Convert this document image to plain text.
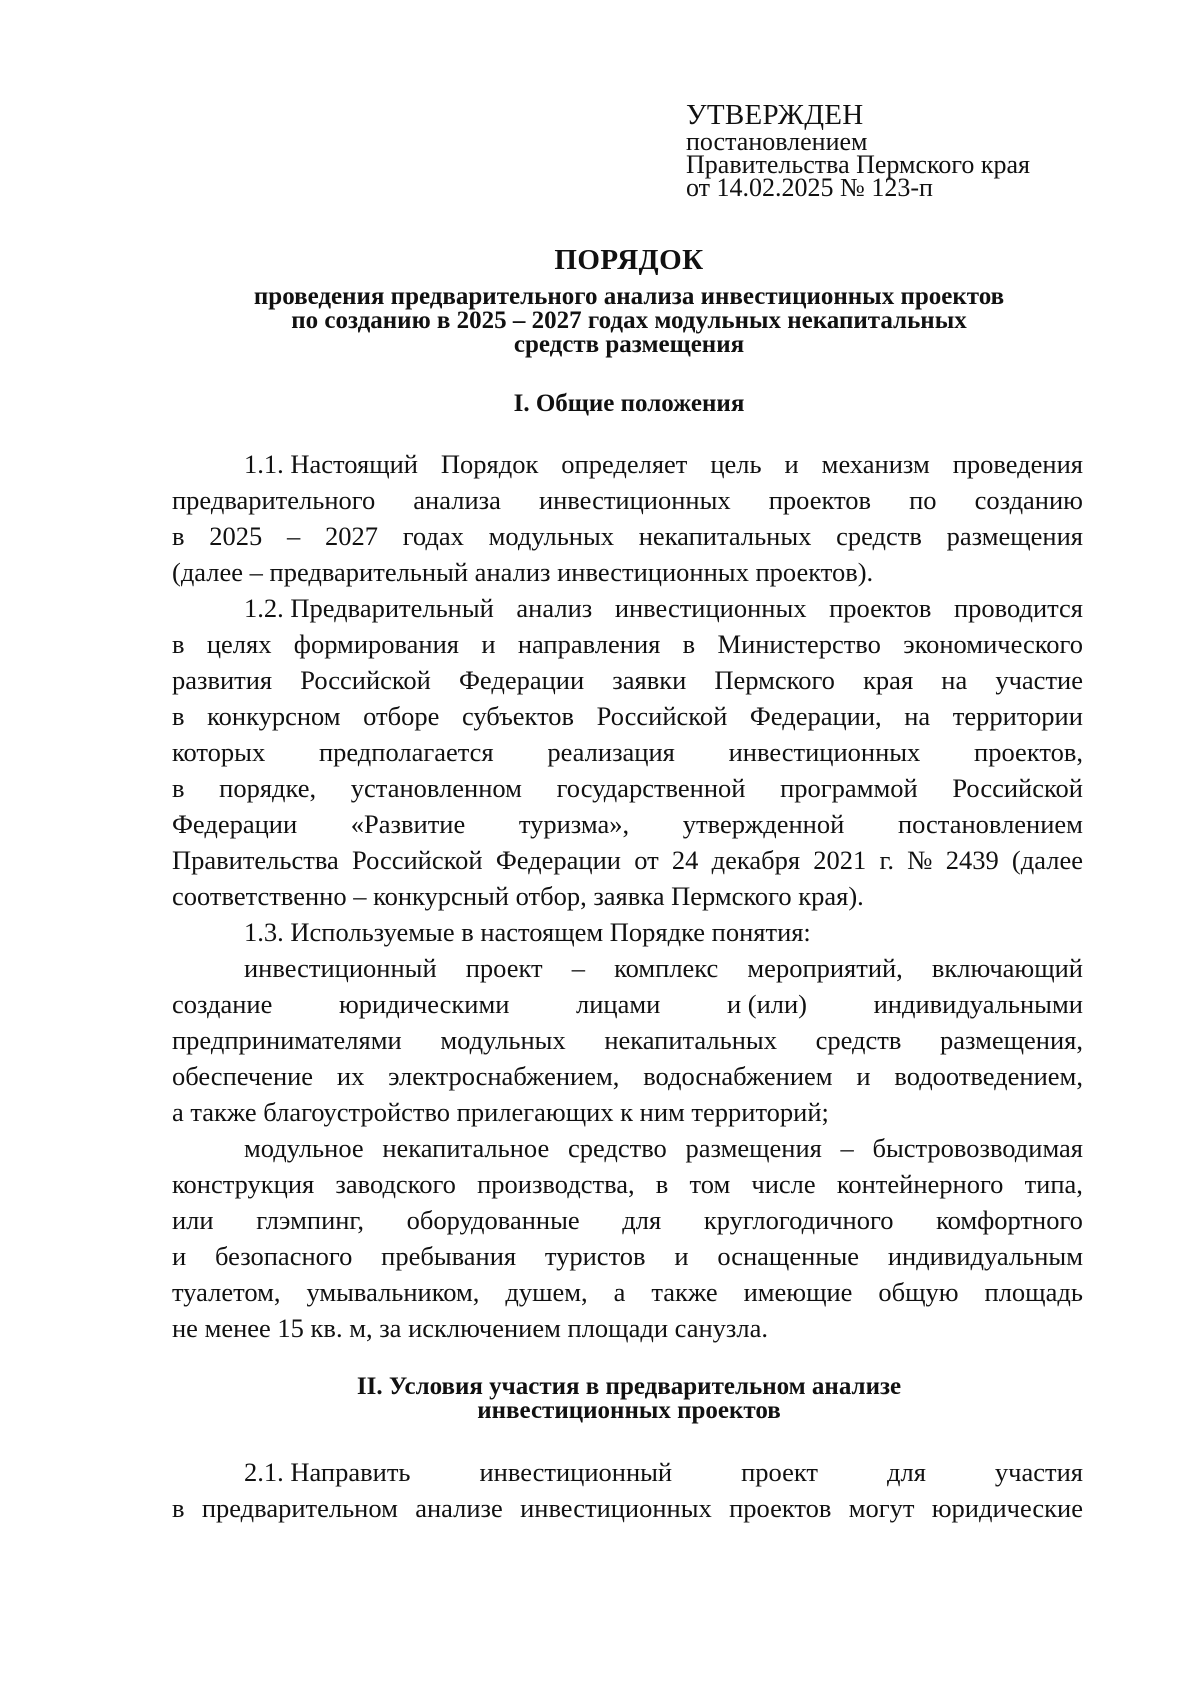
УТВЕРЖДЕН
постановлением
Правительства Пермского края
от 14.02.2025 № 123-п
ПОРЯДОК
проведения предварительного анализа инвестиционных проектов
по созданию в 2025 – 2027 годах модульных некапитальных
средств размещения
I. Общие положения
1.1. Настоящий Порядок определяет цель и механизм проведения
предварительного анализа инвестиционных проектов по созданию
в 2025 – 2027 годах модульных некапитальных средств размещения
(далее – предварительный анализ инвестиционных проектов).
1.2. Предварительный анализ инвестиционных проектов проводится
в целях формирования и направления в Министерство экономического
развития Российской Федерации заявки Пермского края на участие
в конкурсном отборе субъектов Российской Федерации, на территории
которых предполагается реализация инвестиционных проектов,
в порядке, установленном государственной программой Российской
Федерации «Развитие туризма», утвержденной постановлением
Правительства Российской Федерации от 24 декабря 2021 г. № 2439 (далее
соответственно – конкурсный отбор, заявка Пермского края).
1.3. Используемые в настоящем Порядке понятия:
инвестиционный проект – комплекс мероприятий, включающий
создание	юридическими	лицами	и (или)	индивидуальными
предпринимателями модульных некапитальных средств размещения,
обеспечение их электроснабжением, водоснабжением и водоотведением,
а также благоустройство прилегающих к ним территорий;
модульное некапитальное средство размещения – быстровозводимая
конструкция заводского производства, в том числе контейнерного типа,
или глэмпинг, оборудованные для круглогодичного комфортного
и безопасного пребывания туристов и оснащенные индивидуальным
туалетом, умывальником, душем, а также имеющие общую площадь
не менее 15 кв. м, за исключением площади санузла.
II. Условия участия в предварительном анализе
инвестиционных проектов
2.1. Направить	инвестиционный	проект	для	участия
в предварительном анализе инвестиционных проектов могут юридические
